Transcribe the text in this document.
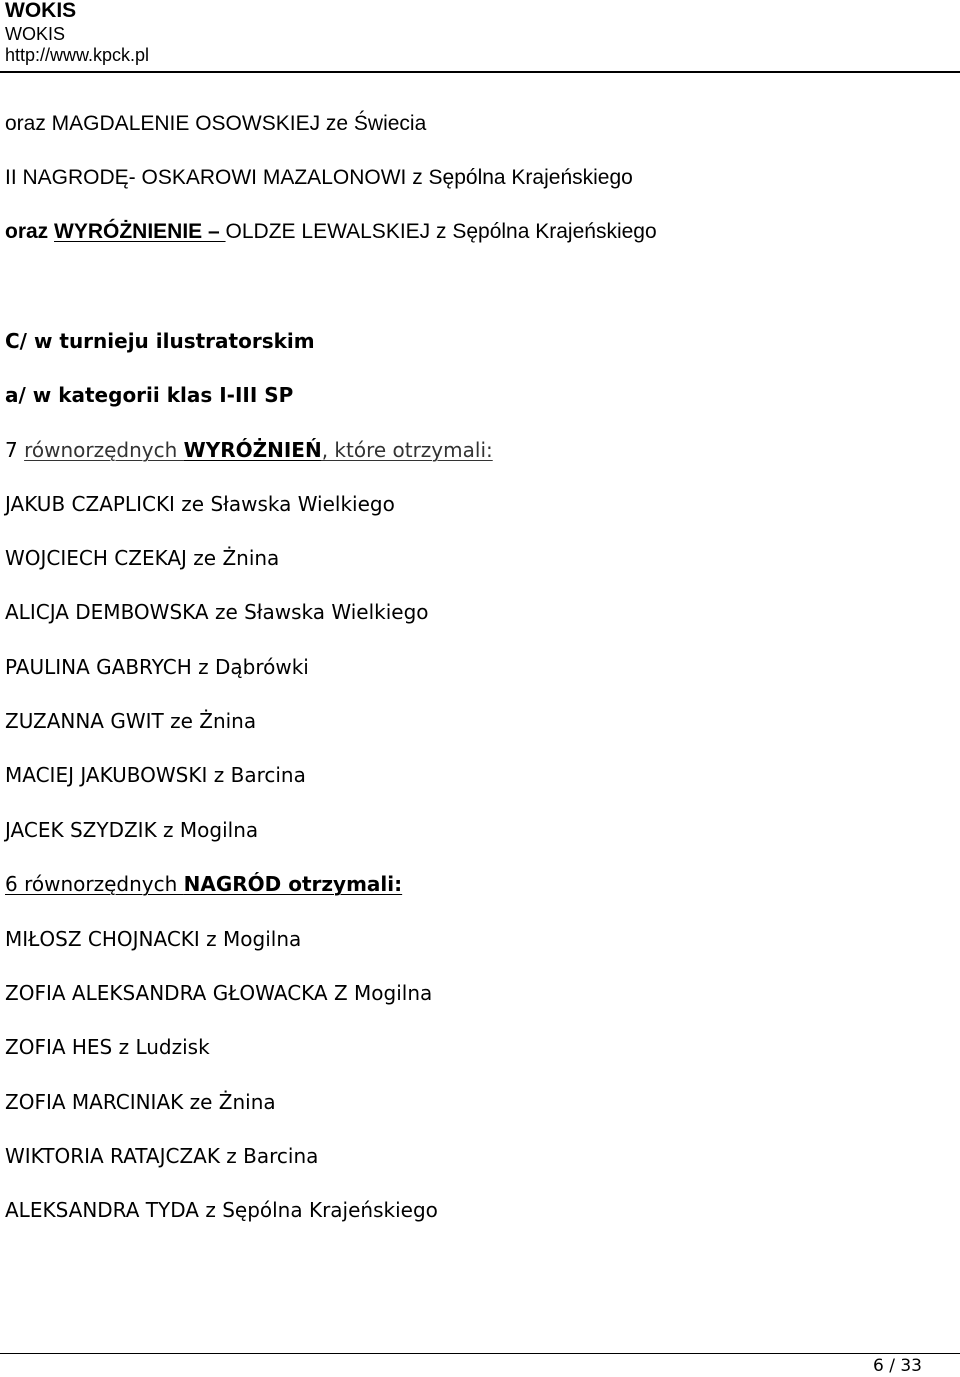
WOKIS
WOKIS
http://www.kpck.pl
oraz MAGDALENIE OSOWSKIEJ ze Świecia
II NAGRODĘ- OSKAROWI MAZALONOWI z Sępólna Krajeńskiego
oraz WYRÓŻNIENIE – OLDZE LEWALSKIEJ z Sępólna Krajeńskiego
C/ w turnieju ilustratorskim
a/ w kategorii klas I-III SP
7 równorzędnych WYRÓŻNIEŃ, które otrzymali:
JAKUB CZAPLICKI ze Sławska Wielkiego
WOJCIECH CZEKAJ ze Żnina
ALICJA DEMBOWSKA ze Sławska Wielkiego
PAULINA GABRYCH z Dąbrówki
ZUZANNA GWIT ze Żnina
MACIEJ JAKUBOWSKI z Barcina
JACEK SZYDZIK z Mogilna
6 równorzędnych NAGRÓD otrzymali:
MIŁOSZ CHOJNACKI z Mogilna
ZOFIA ALEKSANDRA GŁOWACKA Z Mogilna
ZOFIA HES z Ludzisk
ZOFIA MARCINIAK ze Żnina
WIKTORIA RATAJCZAK z Barcina
ALEKSANDRA TYDA z Sępólna Krajeńskiego
6 / 33
